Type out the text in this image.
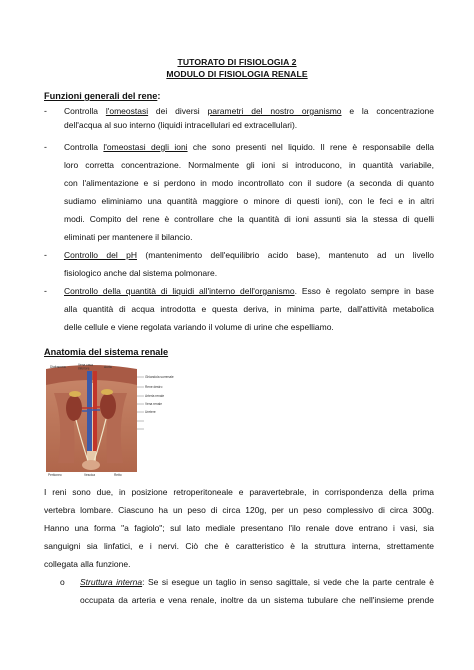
TUTORATO DI FISIOLOGIA 2
MODULO DI FISIOLOGIA RENALE
Funzioni generali del rene:
- Controlla l'omeostasi dei diversi parametri del nostro organismo e la concentrazione
dell'acqua al suo interno (liquidi intracellulari ed extracellulari).
- Controlla l'omeostasi degli ioni che sono presenti nel liquido. Il rene è responsabile della
loro corretta concentrazione. Normalmente gli ioni si introducono, in quantità variabile,
con l'alimentazione e si perdono in modo incontrollato con il sudore (a seconda di quanto
sudiamo eliminiamo una quantità maggiore o minore di questi ioni), con le feci e in altri
modi. Compito del rene è controllare che la quantità di ioni assunti sia la stessa di quelli
eliminati per mantenere il bilancio.
- Controllo del pH (mantenimento dell'equilibrio acido base), mantenuto ad un livello
fisiologico anche dal sistema polmonare.
- Controllo della quantità di liquidi all'interno dell'organismo. Esso è regolato sempre in base
alla quantità di acqua introdotta e questa deriva, in minima parte, dall'attività metabolica
delle cellule e viene regolata variando il volume di urine che espelliamo.
Anatomia del sistema renale
Diaframma	Vena cava
inferiore	Aorta
Ghiandola surrenale
Rene destro
Arteria renale
Vena renale
Uretere
Peritoneo	Vescica	Retto
I reni sono due, in posizione retroperitoneale e paravertebrale, in corrispondenza della prima
vertebra lombare. Ciascuno ha un peso di circa 120g, per un peso complessivo di circa 300g.
Hanno una forma "a fagiolo"; sul lato mediale presentano l'ilo renale dove entrano i vasi, sia
sanguigni sia linfatici, e i nervi. Ciò che è caratteristico è la struttura interna, strettamente
collegata alla funzione.
o Struttura interna: Se si esegue un taglio in senso sagittale, si vede che la parte centrale è
occupata da arteria e vena renale, inoltre da un sistema tubulare che nell'insieme prende
